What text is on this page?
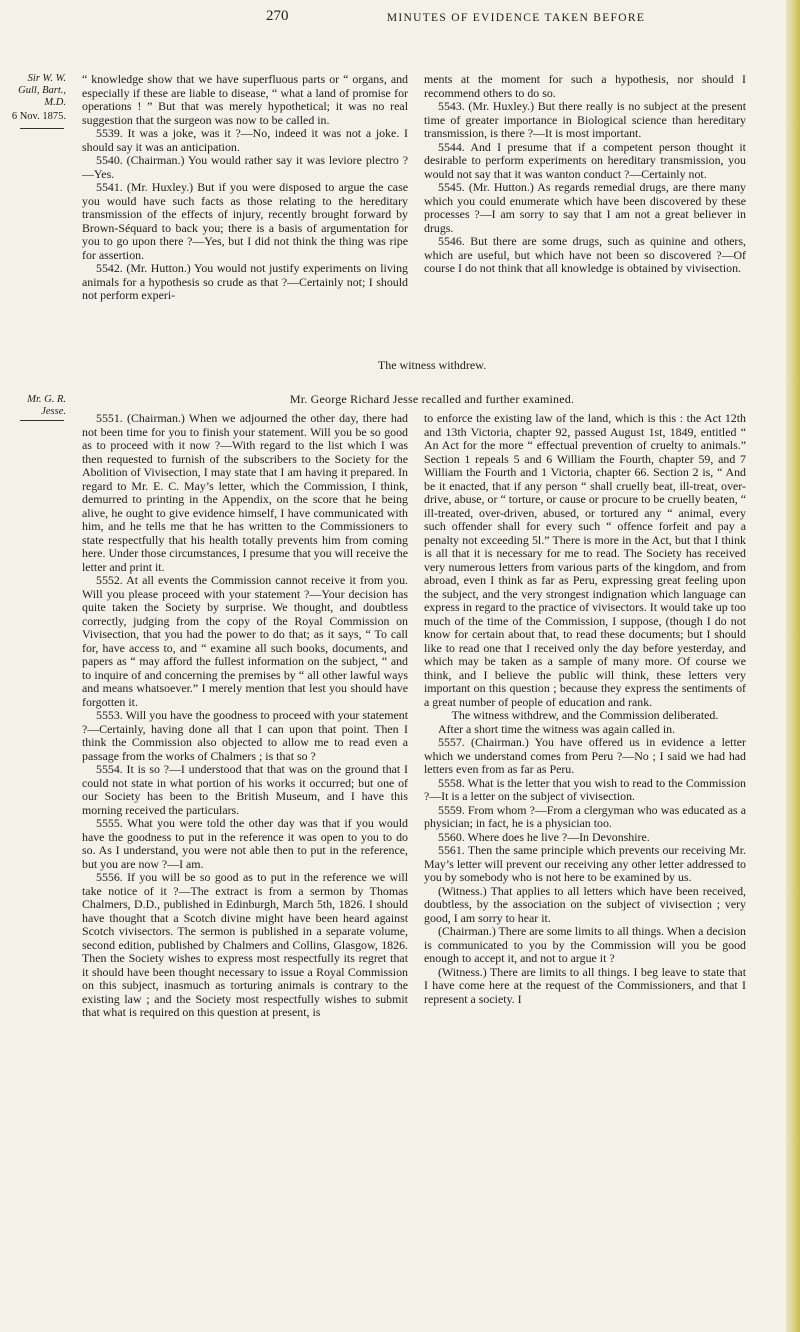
270	MINUTES OF EVIDENCE TAKEN BEFORE
Sir W. W. Gull, Bart., M.D.
6 Nov. 1875.
Mr. G. R. Jesse.

“ knowledge show that we have superfluous parts or “ organs, and especially if these are liable to disease, “ what a land of promise for operations ! ” But that was merely hypothetical; it was no real suggestion that the surgeon was now to be called in.

5539. It was a joke, was it ?—No, indeed it was not a joke. I should say it was an anticipation.

5540. (Chairman.) You would rather say it was leviore plectro ?—Yes.

5541. (Mr. Huxley.) But if you were disposed to argue the case you would have such facts as those relating to the hereditary transmission of the effects of injury, recently brought forward by Brown-Séquard to back you; there is a basis of argumentation for you to go upon there ?—Yes, but I did not think the thing was ripe for assertion.

5542. (Mr. Hutton.) You would not justify experiments on living animals for a hypothesis so crude as that ?—Certainly not; I should not perform experi-

ments at the moment for such a hypothesis, nor should I recommend others to do so.

5543. (Mr. Huxley.) But there really is no subject at the present time of greater importance in Biological science than hereditary transmission, is there ?—It is most important.

5544. And I presume that if a competent person thought it desirable to perform experiments on hereditary transmission, you would not say that it was wanton conduct ?—Certainly not.

5545. (Mr. Hutton.) As regards remedial drugs, are there many which you could enumerate which have been discovered by these processes ?—I am sorry to say that I am not a great believer in drugs.

5546. But there are some drugs, such as quinine and others, which are useful, but which have not been so discovered ?—Of course I do not think that all knowledge is obtained by vivisection.

The witness withdrew.
Mr. George Richard Jesse recalled and further examined.

5551. (Chairman.) When we adjourned the other day, there had not been time for you to finish your statement. Will you be so good as to proceed with it now ?—With regard to the list which I was then requested to furnish of the subscribers to the Society for the Abolition of Vivisection, I may state that I am having it prepared. In regard to Mr. E. C. May’s letter, which the Commission, I think, demurred to printing in the Appendix, on the score that he being alive, he ought to give evidence himself, I have communicated with him, and he tells me that he has written to the Commissioners to state respectfully that his health totally prevents him from coming here. Under those circumstances, I presume that you will receive the letter and print it.

5552. At all events the Commission cannot receive it from you. Will you please proceed with your statement ?—Your decision has quite taken the Society by surprise. We thought, and doubtless correctly, judging from the copy of the Royal Commission on Vivisection, that you had the power to do that; as it says, “ To call for, have access to, and “ examine all such books, documents, and papers as “ may afford the fullest information on the subject, “ and to inquire of and concerning the premises by “ all other lawful ways and means whatsoever.” I merely mention that lest you should have forgotten it.

5553. Will you have the goodness to proceed with your statement ?—Certainly, having done all that I can upon that point. Then I think the Commission also objected to allow me to read even a passage from the works of Chalmers ; is that so ?

5554. It is so ?—I understood that that was on the ground that I could not state in what portion of his works it occurred; but one of our Society has been to the British Museum, and I have this morning received the particulars.

5555. What you were told the other day was that if you would have the goodness to put in the reference it was open to you to do so. As I understand, you were not able then to put in the reference, but you are now ?—I am.

5556. If you will be so good as to put in the reference we will take notice of it ?—The extract is from a sermon by Thomas Chalmers, D.D., published in Edinburgh, March 5th, 1826. I should have thought that a Scotch divine might have been heard against Scotch vivisectors. The sermon is published in a separate volume, second edition, published by Chalmers and Collins, Glasgow, 1826. Then the Society wishes to express most respectfully its regret that it should have been thought necessary to issue a Royal Commission on this subject, inasmuch as torturing animals is contrary to the existing law ; and the Society most respectfully wishes to submit that what is required on this question at present, is

to enforce the existing law of the land, which is this : the Act 12th and 13th Victoria, chapter 92, passed August 1st, 1849, entitled “ An Act for the more “ effectual prevention of cruelty to animals.” Section 1 repeals 5 and 6 William the Fourth, chapter 59, and 7 William the Fourth and 1 Victoria, chapter 66. Section 2 is, “ And be it enacted, that if any person “ shall cruelly beat, ill-treat, over-drive, abuse, or “ torture, or cause or procure to be cruelly beaten, “ ill-treated, over-driven, abused, or tortured any “ animal, every such offender shall for every such “ offence forfeit and pay a penalty not exceeding 5l.” There is more in the Act, but that I think is all that it is necessary for me to read. The Society has received very numerous letters from various parts of the kingdom, and from abroad, even I think as far as Peru, expressing great feeling upon the subject, and the very strongest indignation which language can express in regard to the practice of vivisectors. It would take up too much of the time of the Commission, I suppose, (though I do not know for certain about that, to read these documents; but I should like to read one that I received only the day before yesterday, and which may be taken as a sample of many more. Of course we think, and I believe the public will think, these letters very important on this question ; because they express the sentiments of a great number of people of education and rank.

The witness withdrew, and the Commission deliberated.

After a short time the witness was again called in.

5557. (Chairman.) You have offered us in evidence a letter which we understand comes from Peru ?—No ; I said we had had letters even from as far as Peru.

5558. What is the letter that you wish to read to the Commission ?—It is a letter on the subject of vivisection.

5559. From whom ?—From a clergyman who was educated as a physician; in fact, he is a physician too.

5560. Where does he live ?—In Devonshire.

5561. Then the same principle which prevents our receiving Mr. May’s letter will prevent our receiving any other letter addressed to you by somebody who is not here to be examined by us.

(Witness.) That applies to all letters which have been received, doubtless, by the association on the subject of vivisection ; very good, I am sorry to hear it.

(Chairman.) There are some limits to all things. When a decision is communicated to you by the Commission will you be good enough to accept it, and not to argue it ?

(Witness.) There are limits to all things. I beg leave to state that I have come here at the request of the Commissioners, and that I represent a society. I
